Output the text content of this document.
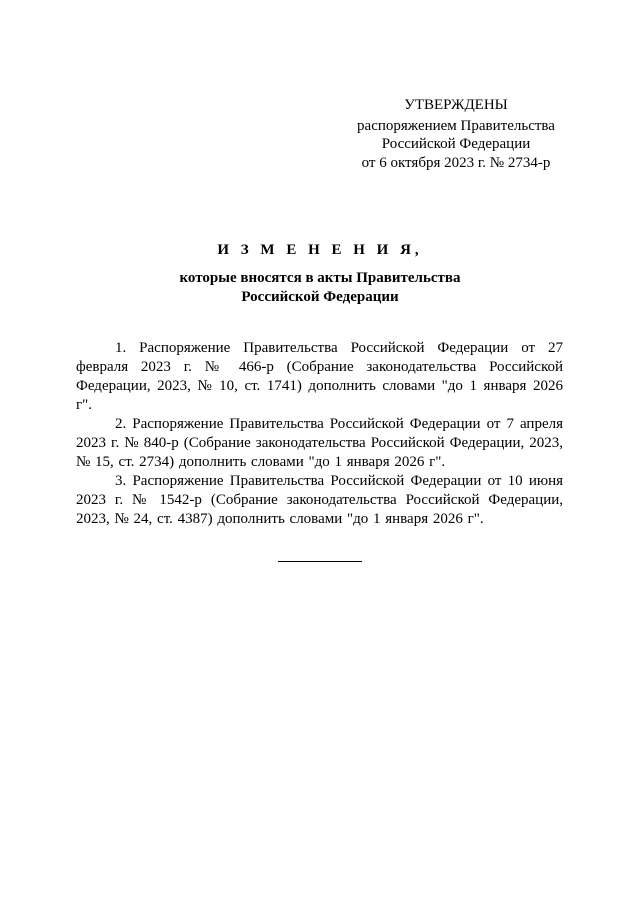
УТВЕРЖДЕНЫ
распоряжением Правительства
Российской Федерации
от 6 октября 2023 г. № 2734-р
И З М Е Н Е Н И Я,
которые вносятся в акты Правительства
Российской Федерации

1. Распоряжение Правительства Российской Федерации от 27 февраля 2023 г. № 466-р (Собрание законодательства Российской Федерации, 2023, № 10, ст. 1741) дополнить словами "до 1 января 2026 г".

2. Распоряжение Правительства Российской Федерации от 7 апреля 2023 г. № 840-р (Собрание законодательства Российской Федерации, 2023, № 15, ст. 2734) дополнить словами "до 1 января 2026 г".

3. Распоряжение Правительства Российской Федерации от 10 июня 2023 г. № 1542-р (Собрание законодательства Российской Федерации, 2023, № 24, ст. 4387) дополнить словами "до 1 января 2026 г".
